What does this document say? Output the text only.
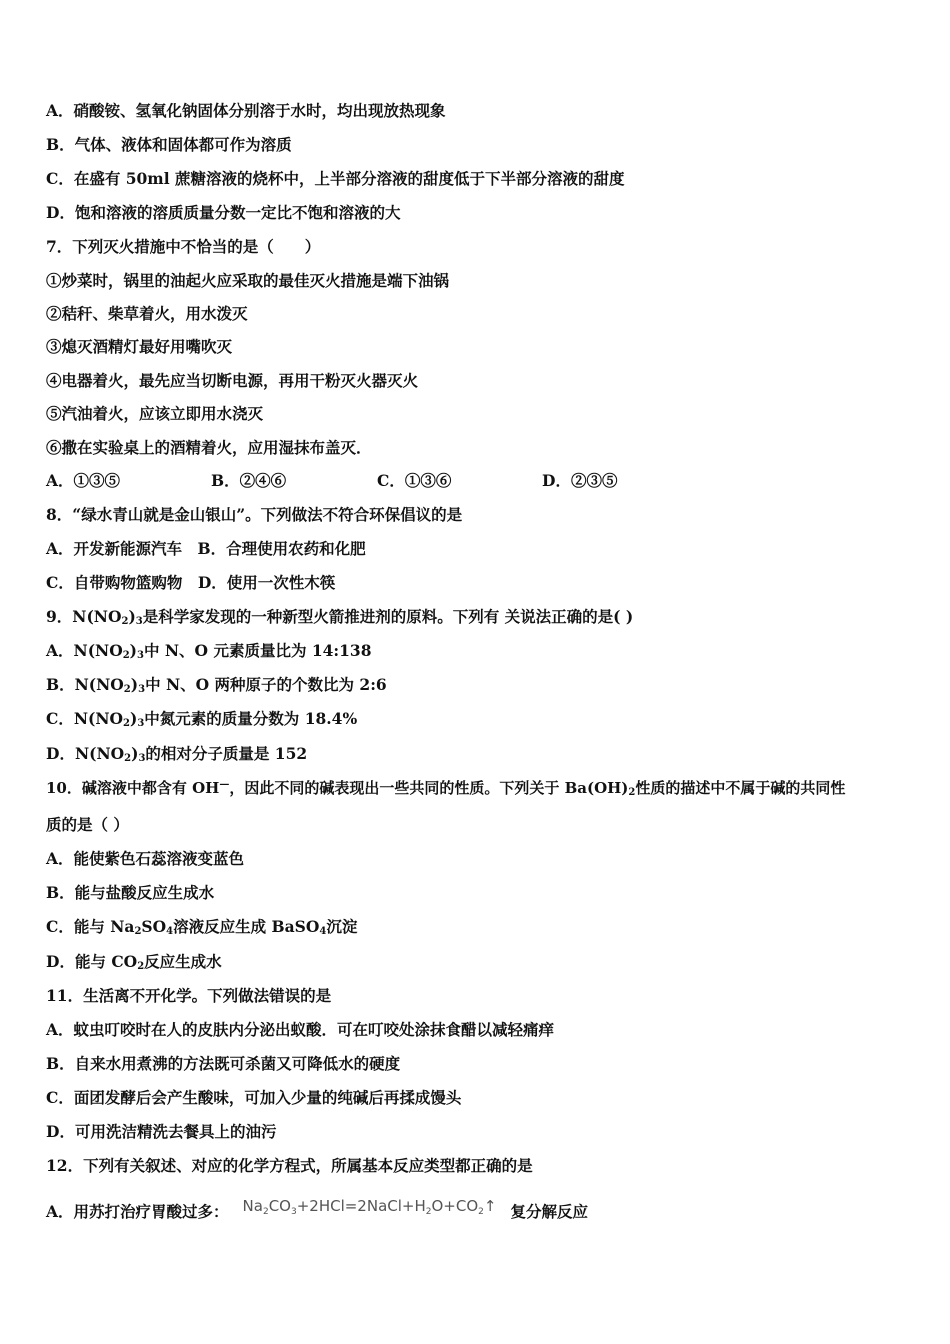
A．硝酸铵、氢氧化钠固体分别溶于水时，均出现放热现象
B．气体、液体和固体都可作为溶质
C．在盛有 50ml 蔗糖溶液的烧杯中，上半部分溶液的甜度低于下半部分溶液的甜度
D．饱和溶液的溶质质量分数一定比不饱和溶液的大
7．下列灭火措施中不恰当的是（　　）
①炒菜时，锅里的油起火应采取的最佳灭火措施是端下油锅
②秸秆、柴草着火，用水泼灭
③熄灭酒精灯最好用嘴吹灭
④电器着火，最先应当切断电源，再用干粉灭火器灭火
⑤汽油着火，应该立即用水浇灭
⑥撒在实验桌上的酒精着火，应用湿抹布盖灭．
A．①③⑤	B．②④⑥	C．①③⑥	D．②③⑤
8．“绿水青山就是金山银山”。下列做法不符合环保倡议的是
A．开发新能源汽车　B．合理使用农药和化肥
C．自带购物篮购物　D．使用一次性木筷
9．$N(NO_2)_3$是科学家发现的一种新型火箭推进剂的原料。下列有 关说法正确的是( )
A．$N(NO_2)_3$中 N、O 元素质量比为 14:138
B．$N(NO_2)_3$中 N、O 两种原子的个数比为 2:6
C．$N(NO_2)_3$中氮元素的质量分数为 18.4%
D．$N(NO_2)_3$的相对分子质量是 152
10．碱溶液中都含有 OH—，因此不同的碱表现出一些共同的性质。下列关于 $Ba(OH)_2$性质的描述中不属于碱的共同性
质的是（ ）
A．能使紫色石蕊溶液变蓝色
B．能与盐酸反应生成水
C．能与 $Na_2SO_4$溶液反应生成 BaSO$_4$沉淀
D．能与 $CO_2$反应生成水
11．生活离不开化学。下列做法错误的是
A．蚊虫叮咬时在人的皮肤内分泌出蚁酸．可在叮咬处涂抹食醋以减轻痛痒
B．自来水用煮沸的方法既可杀菌又可降低水的硬度
C．面团发酵后会产生酸味，可加入少量的纯碱后再揉成馒头
D．可用洗洁精洗去餐具上的油污
12．下列有关叙述、对应的化学方程式，所属基本反应类型都正确的是
A．用苏打治疗胃酸过多： $Na_2CO_3+2HCl=2NaCl+H_2O+CO_2↑$ 复分解反应
